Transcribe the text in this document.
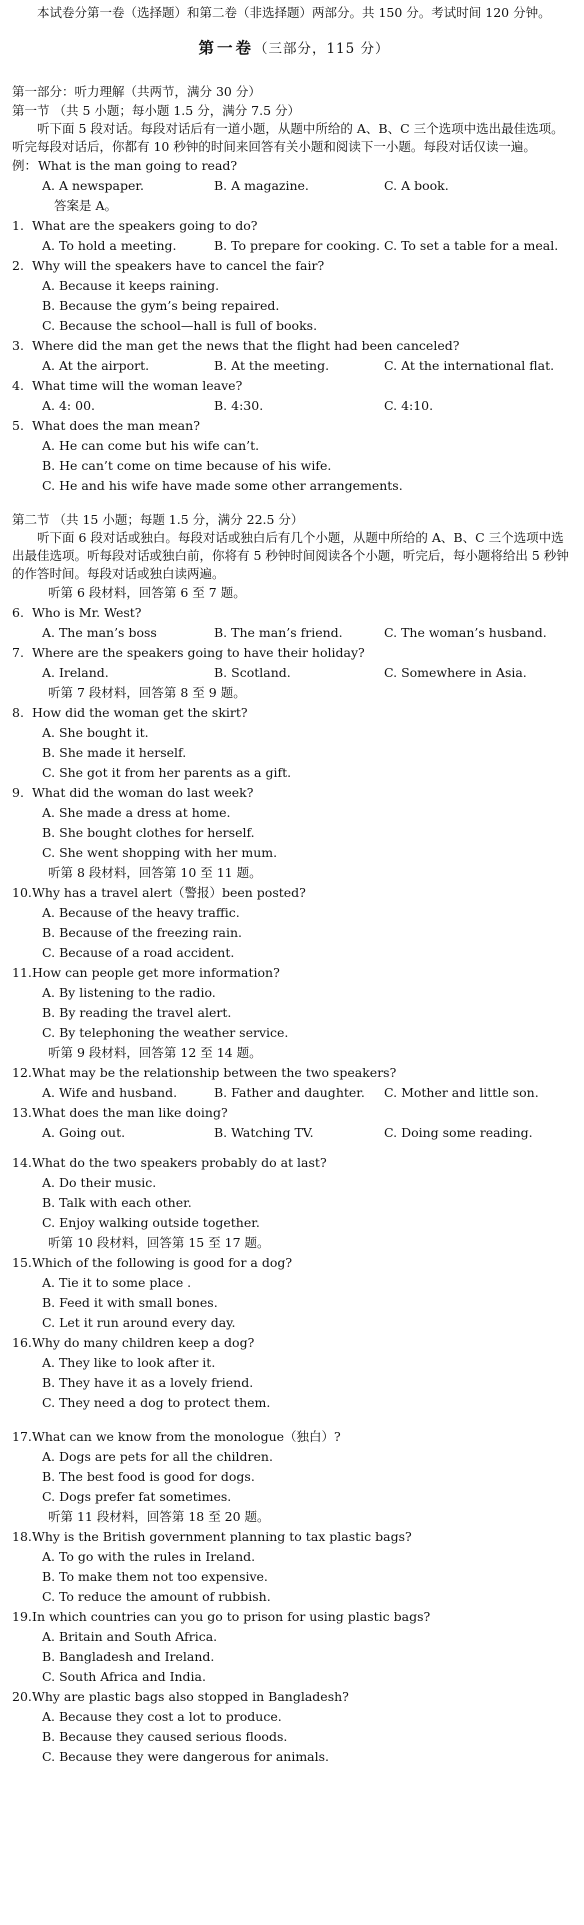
本试卷分第一卷（选择题）和第二卷（非选择题）两部分。共 150 分。考试时间 120 分钟。

第一卷（三部分，115 分）

第一部分：听力理解（共两节，满分 30 分）

第一节 （共 5 小题；每小题 1.5 分，满分 7.5 分）

听下面 5 段对话。每段对话后有一道小题，从题中所给的 A、B、C 三个选项中选出最佳选项。听完每段对话后，你都有 10 秒钟的时间来回答有关小题和阅读下一小题。每段对话仅读一遍。

例： What is the man going to read?
A. A newspaper.	B. A magazine.	C. A book.
答案是 A。
1. What are the speakers going to do?
A. To hold a meeting.	B. To prepare for cooking. C. To set a table for a meal.
2. Why will the speakers have to cancel the fair?
A. Because it keeps raining.
B. Because the gym’s being repaired.
C. Because the school—hall is full of books.
3. Where did the man get the news that the flight had been canceled?
A. At the airport.	B. At the meeting.	C. At the international flat.
4. What time will the woman leave?
A. 4: 00.	B. 4:30.	C. 4:10.
5. What does the man mean?
A. He can come but his wife can’t.
B. He can’t come on time because of his wife.
C. He and his wife have made some other arrangements.

第二节 （共 15 小题；每题 1.5 分，满分 22.5 分）

听下面 6 段对话或独白。每段对话或独白后有几个小题，从题中所给的 A、B、C 三个选项中选出最佳选项。听每段对话或独白前，你将有 5 秒钟时间阅读各个小题，听完后，每小题将给出 5 秒钟的作答时间。每段对话或独白读两遍。

听第 6 段材料，回答第 6 至 7 题。

6. Who is Mr. West?
A. The man’s boss	B. The man’s friend.	C. The woman’s husband.
7. Where are the speakers going to have their holiday?
A. Ireland.	B. Scotland.	C. Somewhere in Asia.

听第 7 段材料，回答第 8 至 9 题。

8. How did the woman get the skirt?
A. She bought it.
B. She made it herself.
C. She got it from her parents as a gift.
9. What did the woman do last week?
A. She made a dress at home.
B. She bought clothes for herself.
C. She went shopping with her mum.

听第 8 段材料，回答第 10 至 11 题。

10. Why has a travel alert（警报）been posted?
A. Because of the heavy traffic.
B. Because of the freezing rain.
C. Because of a road accident.
11. How can people get more information?
A. By listening to the radio.
B. By reading the travel alert.
C. By telephoning the weather service.

听第 9 段材料，回答第 12 至 14 题。

12. What may be the relationship between the two speakers?
A. Wife and husband.	B. Father and daughter.	C. Mother and little son.
13. What does the man like doing?
A. Going out.	B. Watching TV.	C. Doing some reading.
14. What do the two speakers probably do at last?
A. Do their music.
B. Talk with each other.
C. Enjoy walking outside together.

听第 10 段材料，回答第 15 至 17 题。

15. Which of the following is good for a dog?
A. Tie it to some place .
B. Feed it with small bones.
C. Let it run around every day.
16. Why do many children keep a dog?
A. They like to look after it.
B. They have it as a lovely friend.
C. They need a dog to protect them.
17. What can we know from the monologue（独白）?
A. Dogs are pets for all the children.
B. The best food is good for dogs.
C. Dogs prefer fat sometimes.

听第 11 段材料，回答第 18 至 20 题。

18. Why is the British government planning to tax plastic bags?
A. To go with the rules in Ireland.
B. To make them not too expensive.
C. To reduce the amount of rubbish.
19. In which countries can you go to prison for using plastic bags?
A. Britain and South Africa.
B. Bangladesh and Ireland.
C. South Africa and India.
20. Why are plastic bags also stopped in Bangladesh?
A. Because they cost a lot to produce.
B. Because they caused serious floods.
C. Because they were dangerous for animals.
